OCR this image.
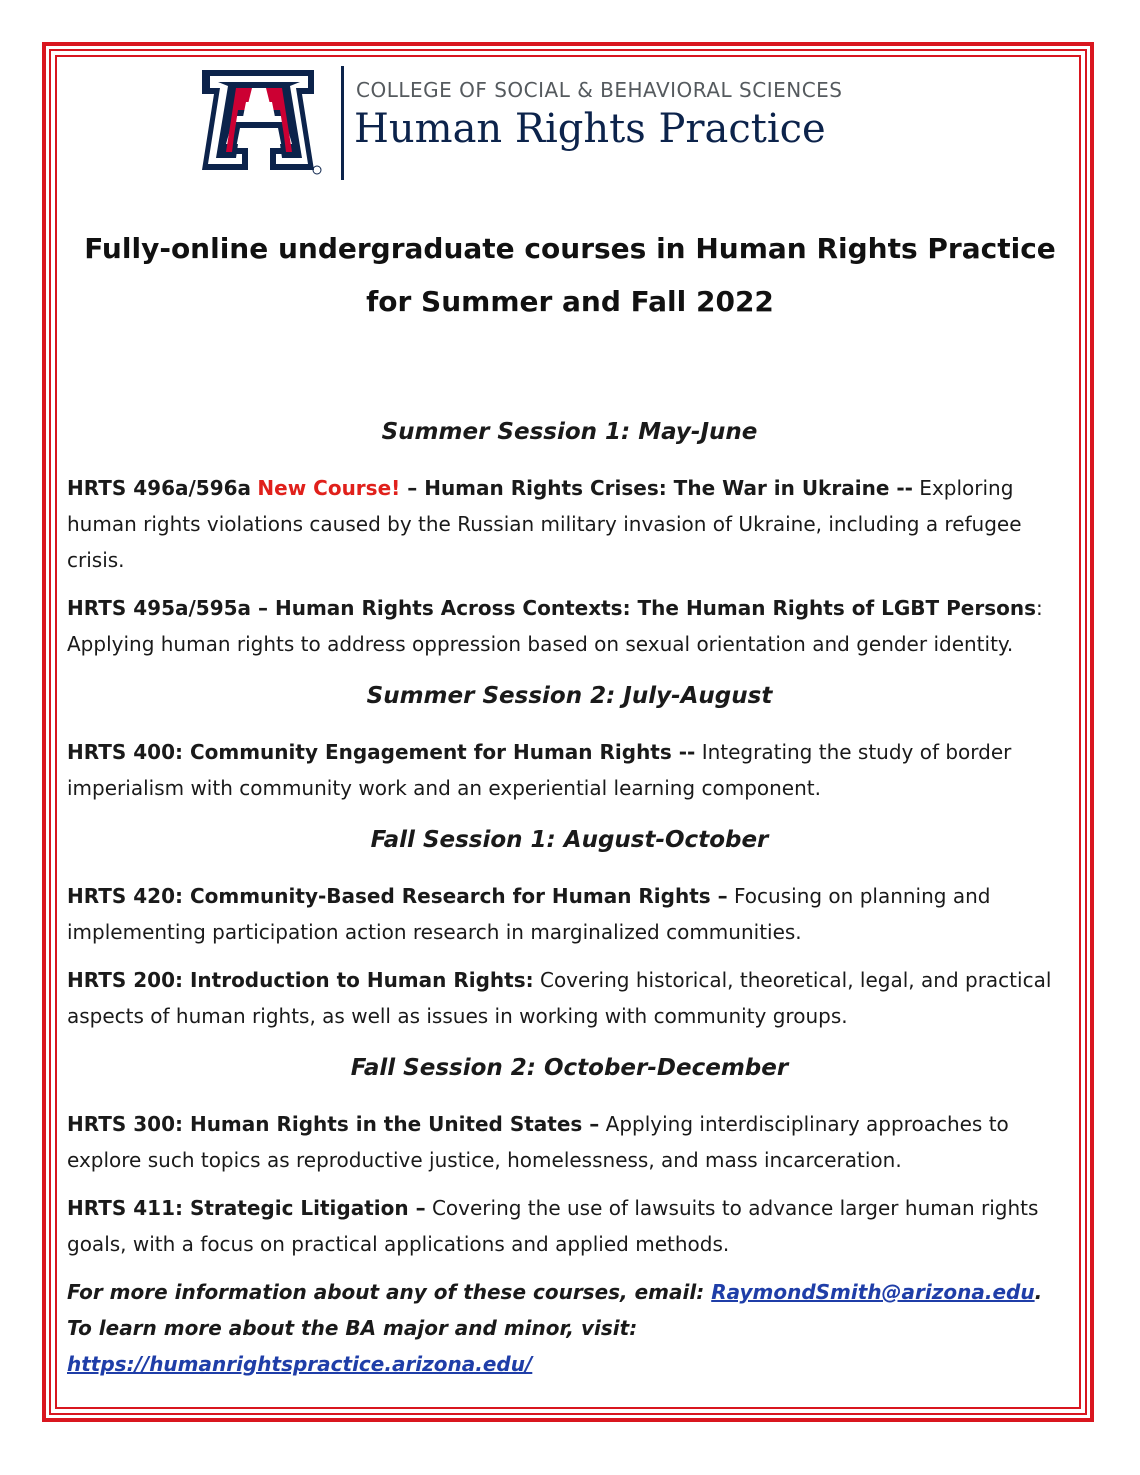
COLLEGE OF SOCIAL & BEHAVIORAL SCIENCES
Human Rights Practice
Fully-online undergraduate courses in Human Rights Practice
for Summer and Fall 2022
Summer Session 1: May-June

HRTS 496a/596a New Course! – Human Rights Crises: The War in Ukraine -- Exploring human rights violations caused by the Russian military invasion of Ukraine, including a refugee crisis.

HRTS 495a/595a – Human Rights Across Contexts: The Human Rights of LGBT Persons: Applying human rights to address oppression based on sexual orientation and gender identity.

Summer Session 2: July-August

HRTS 400: Community Engagement for Human Rights -- Integrating the study of border imperialism with community work and an experiential learning component.

Fall Session 1: August-October

HRTS 420: Community-Based Research for Human Rights – Focusing on planning and implementing participation action research in marginalized communities.

HRTS 200: Introduction to Human Rights: Covering historical, theoretical, legal, and practical aspects of human rights, as well as issues in working with community groups.

Fall Session 2: October-December

HRTS 300: Human Rights in the United States – Applying interdisciplinary approaches to explore such topics as reproductive justice, homelessness, and mass incarceration.

HRTS 411: Strategic Litigation – Covering the use of lawsuits to advance larger human rights goals, with a focus on practical applications and applied methods.

For more information about any of these courses, email: RaymondSmith@arizona.edu. To learn more about the BA major and minor, visit: https://humanrightspractice.arizona.edu/
